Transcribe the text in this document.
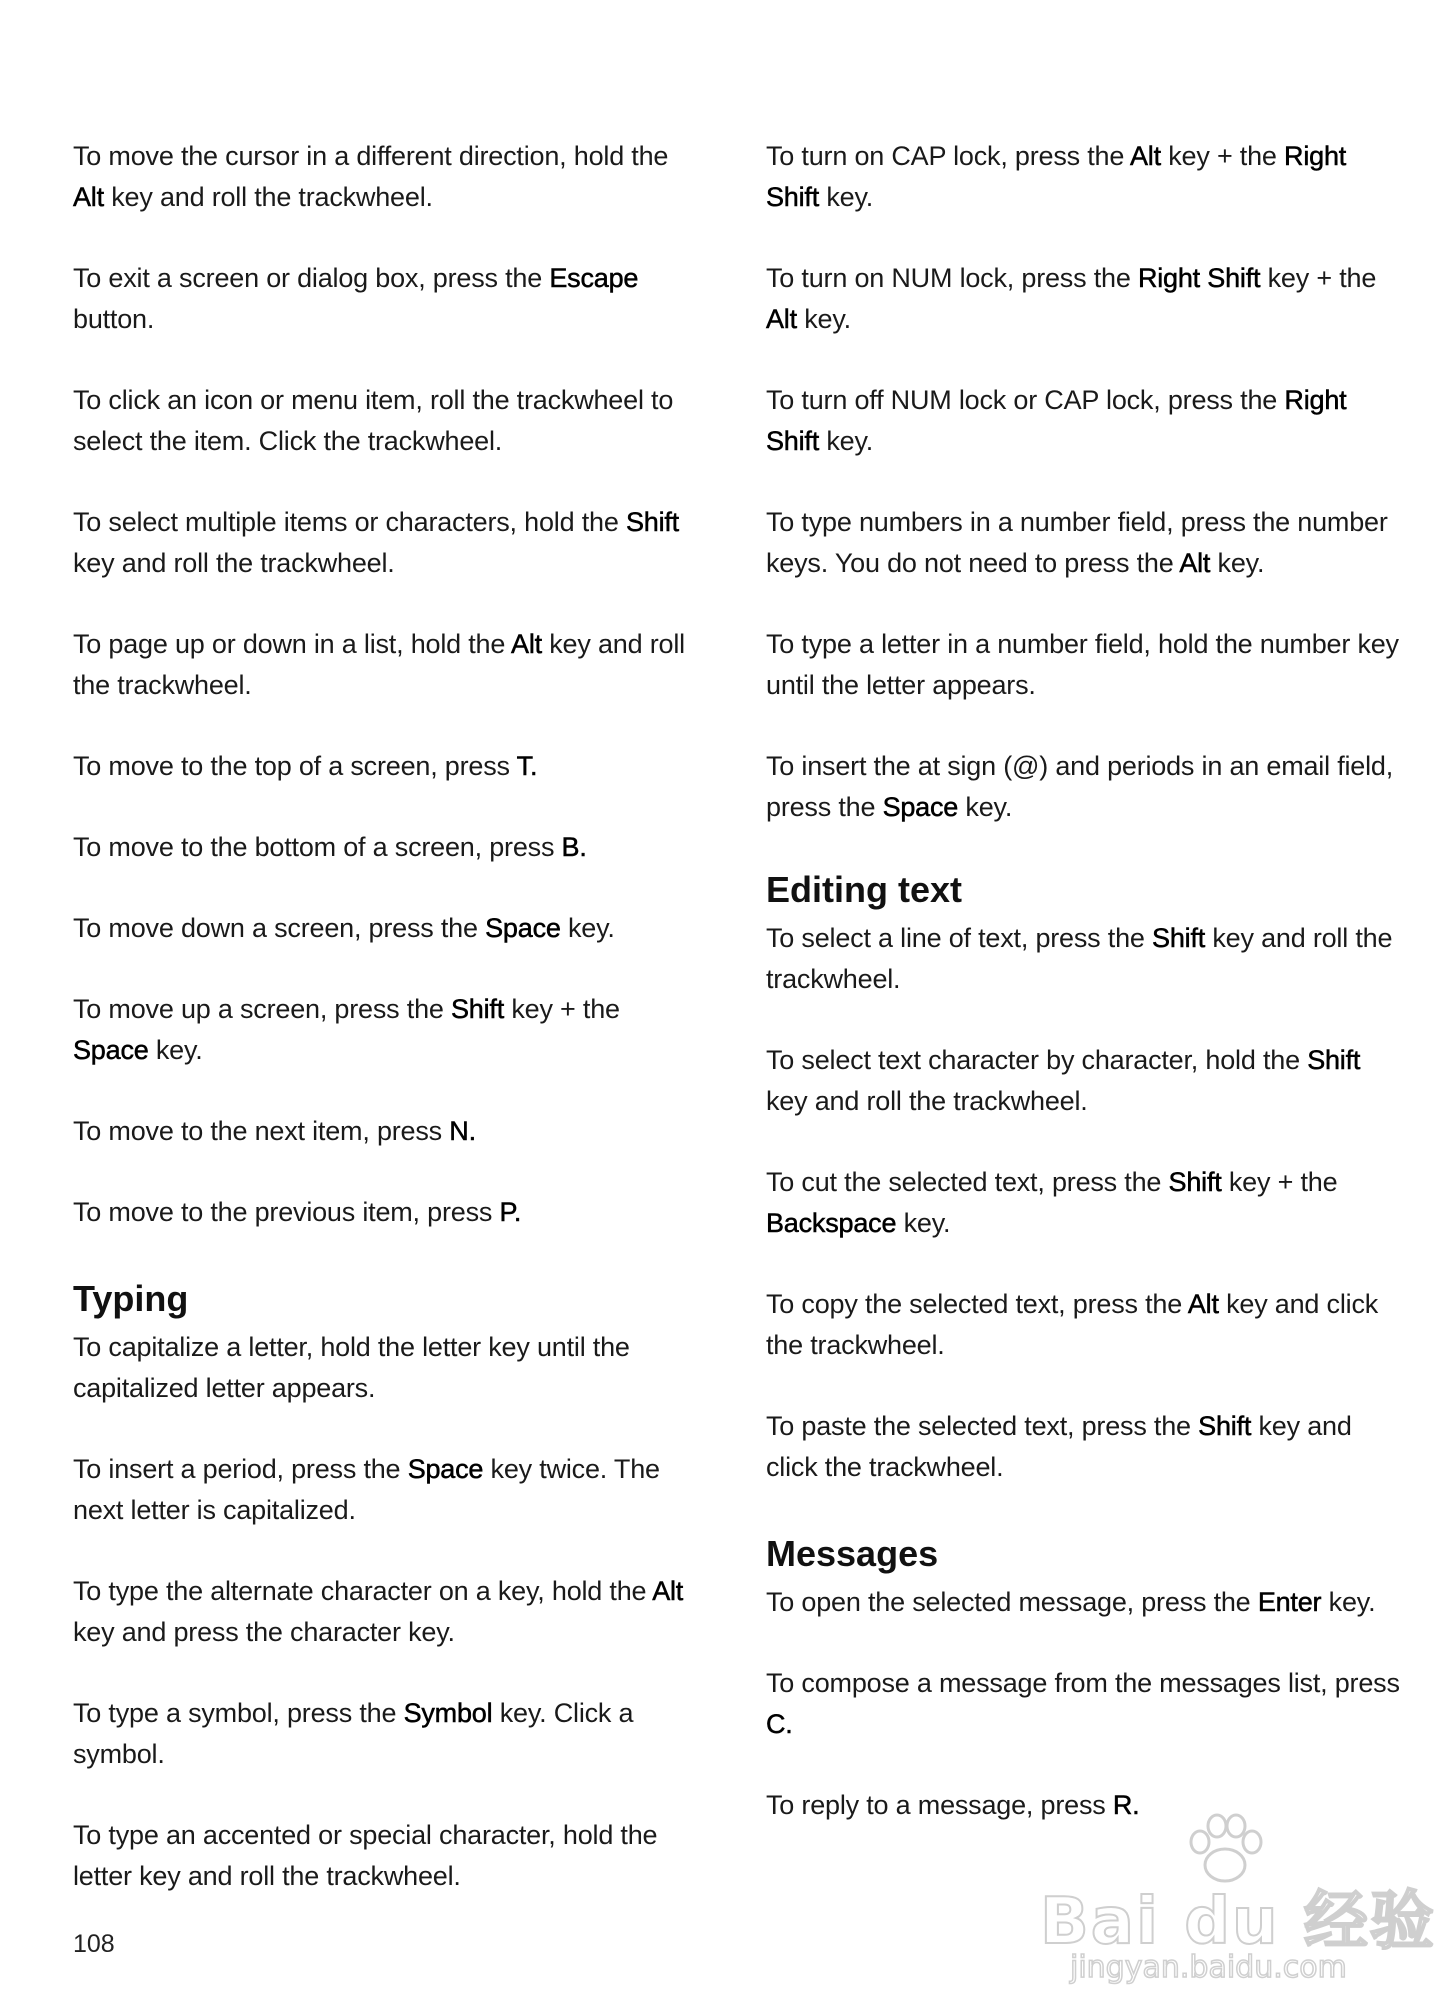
To move the cursor in a different direction, hold the Alt key and roll the trackwheel.

To exit a screen or dialog box, press the Escape button.

To click an icon or menu item, roll the trackwheel to select the item. Click the trackwheel.

To select multiple items or characters, hold the Shift key and roll the trackwheel.

To page up or down in a list, hold the Alt key and roll the trackwheel.

To move to the top of a screen, press T.

To move to the bottom of a screen, press B.

To move down a screen, press the Space key.

To move up a screen, press the Shift key + the Space key.

To move to the next item, press N.

To move to the previous item, press P.

Typing

To capitalize a letter, hold the letter key until the capitalized letter appears.

To insert a period, press the Space key twice. The next letter is capitalized.

To type the alternate character on a key, hold the Alt key and press the character key.

To type a symbol, press the Symbol key. Click a symbol.

To type an accented or special character, hold the letter key and roll the trackwheel.

To turn on CAP lock, press the Alt key + the Right Shift key.

To turn on NUM lock, press the Right Shift key + the Alt key.

To turn off NUM lock or CAP lock, press the Right Shift key.

To type numbers in a number field, press the number keys. You do not need to press the Alt key.

To type a letter in a number field, hold the number key until the letter appears.

To insert the at sign (@) and periods in an email field, press the Space key.

Editing text

To select a line of text, press the Shift key and roll the trackwheel.

To select text character by character, hold the Shift key and roll the trackwheel.

To cut the selected text, press the Shift key + the Backspace key.

To copy the selected text, press the Alt key and click the trackwheel.

To paste the selected text, press the Shift key and click the trackwheel.

Messages

To open the selected message, press the Enter key.

To compose a message from the messages list, press C.

To reply to a message, press R.

108	Bai du 经验
jingyan.baidu.com
